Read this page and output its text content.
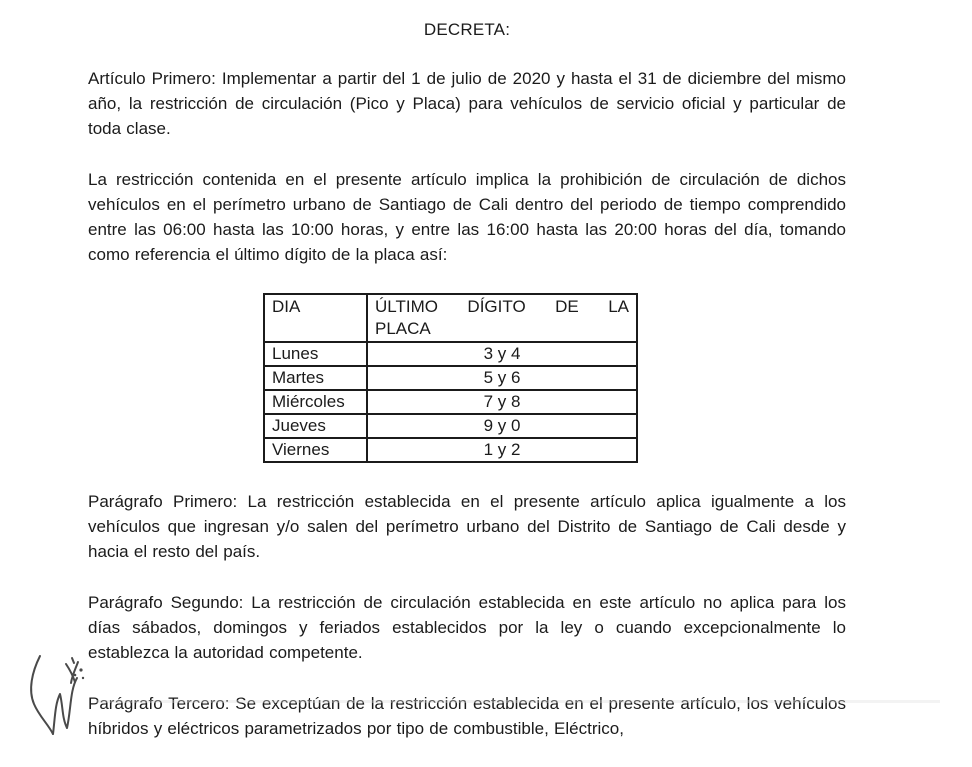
DECRETA:

Artículo Primero: Implementar a partir del 1 de julio de 2020 y hasta el 31 de diciembre del mismo año, la restricción de circulación (Pico y Placa) para vehículos de servicio oficial y particular de toda clase.

La restricción contenida en el presente artículo implica la prohibición de circulación de dichos vehículos en el perímetro urbano de Santiago de Cali dentro del periodo de tiempo comprendido entre las 06:00 hasta las 10:00 horas, y entre las 16:00 hasta las 20:00 horas del día, tomando como referencia el último dígito de la placa así:

DIA	ÚLTIMO DÍGITO DE LA
PLACA

Lunes	3 y 4
Martes	5 y 6
Miércoles	7 y 8
Jueves	9 y 0
Viernes	1 y 2

Parágrafo Primero: La restricción establecida en el presente artículo aplica igualmente a los vehículos que ingresan y/o salen del perímetro urbano del Distrito de Santiago de Cali desde y hacia el resto del país.

Parágrafo Segundo: La restricción de circulación establecida en este artículo no aplica para los días sábados, domingos y feriados establecidos por la ley o cuando excepcionalmente lo establezca la autoridad competente.

Parágrafo Tercero: Se exceptúan de la restricción establecida en el presente artículo, los vehículos híbridos y eléctricos parametrizados por tipo de combustible, Eléctrico,
